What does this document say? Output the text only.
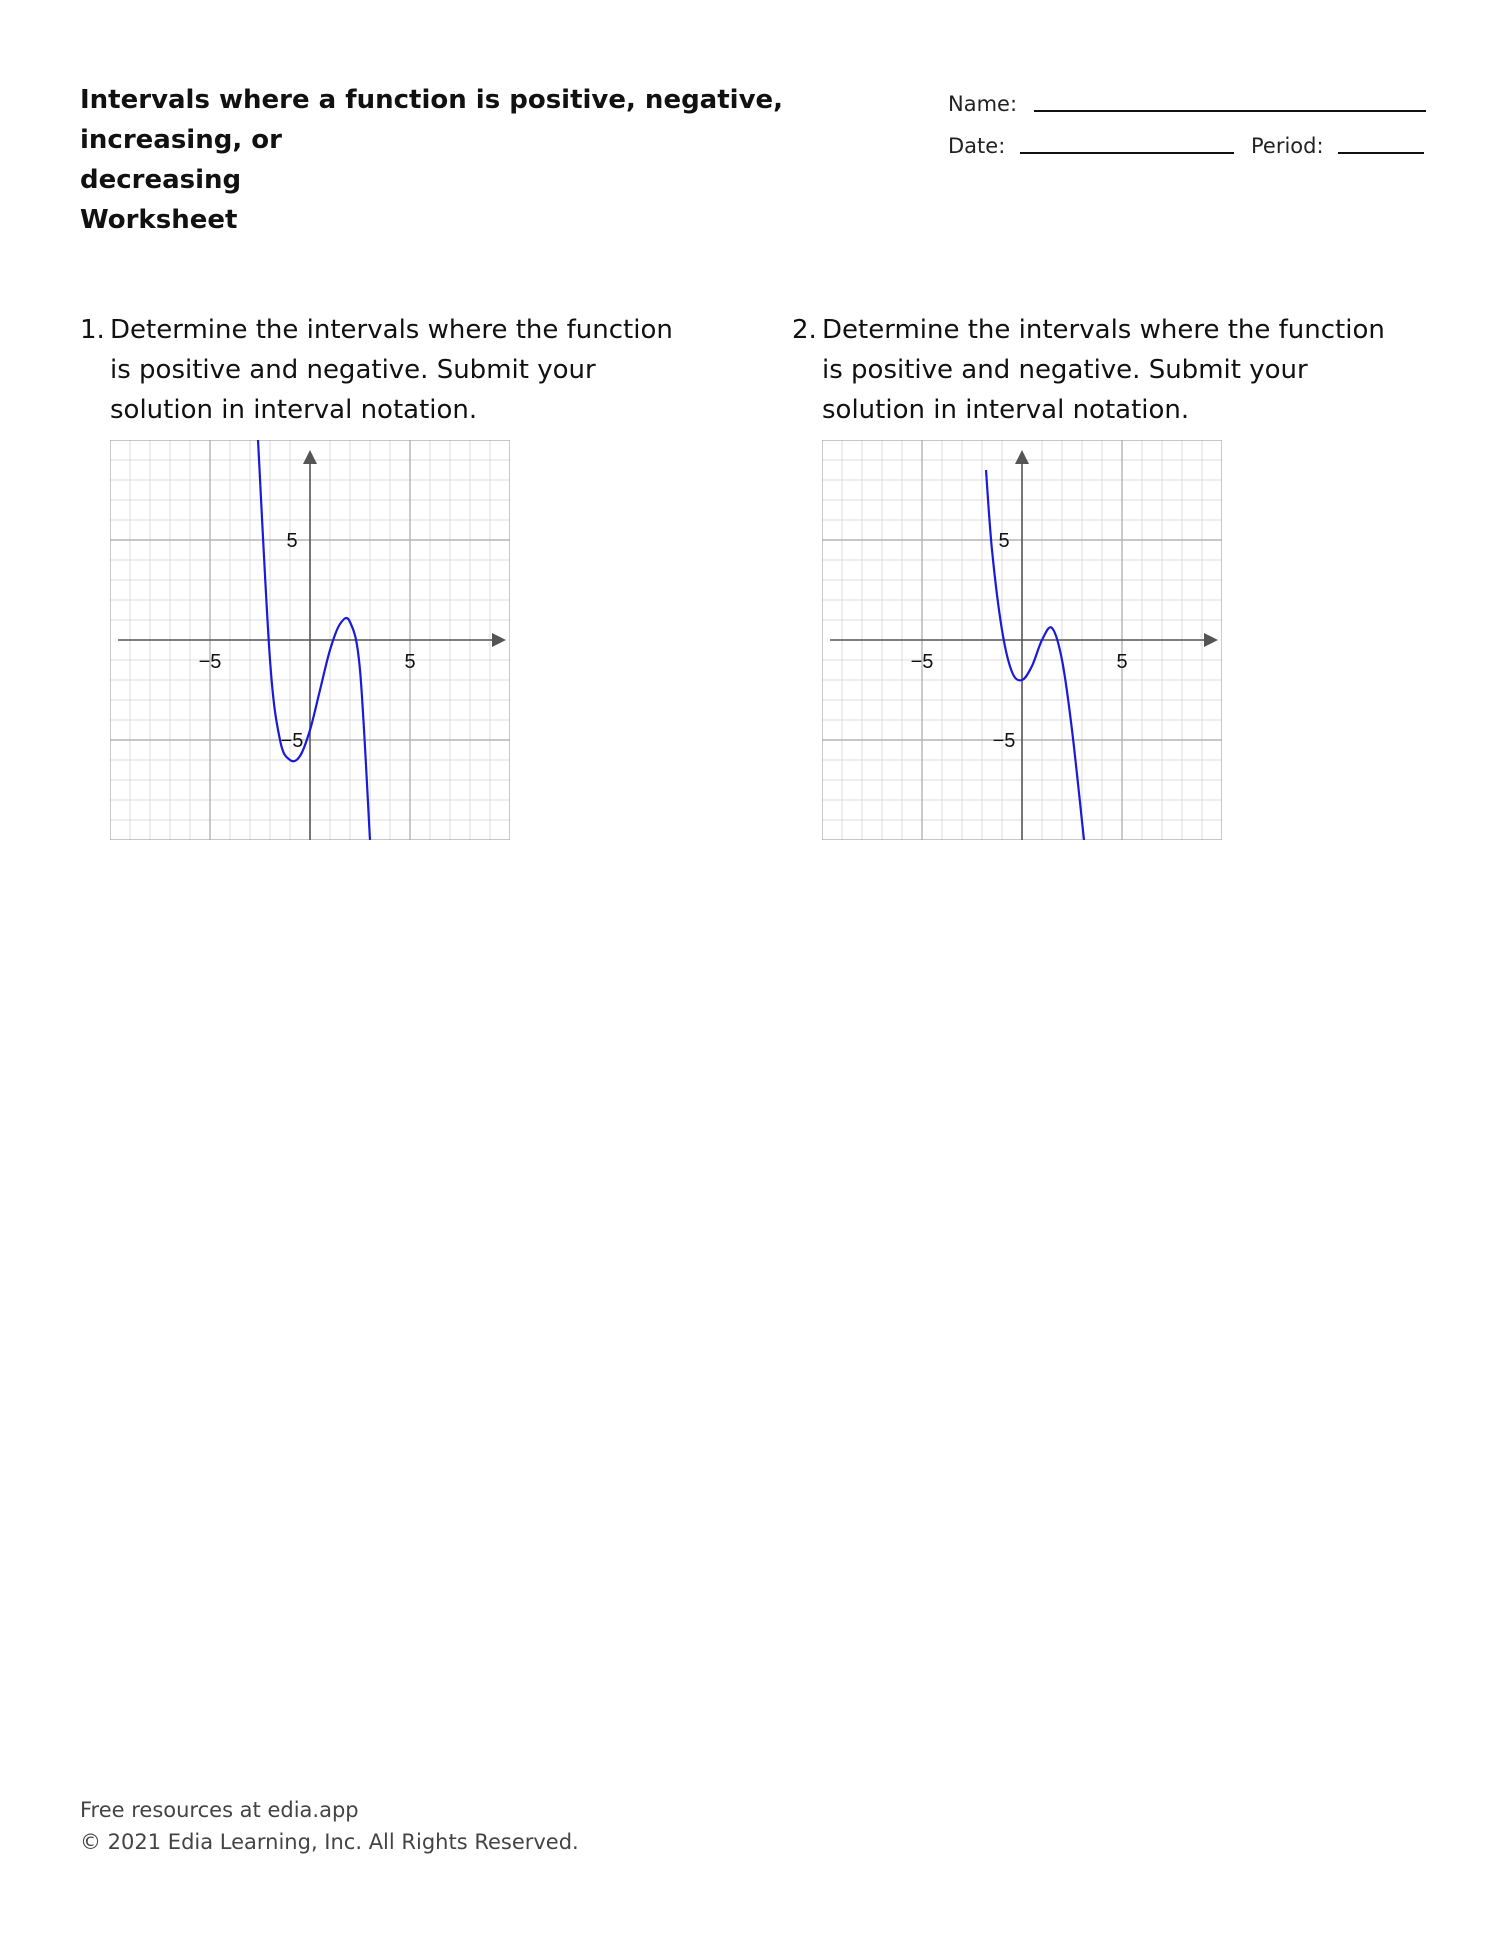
Intervals where a function is positive, negative, increasing, or
decreasing
Worksheet
Name:
Date:	Period:
1. Determine the intervals where the function is positive and negative. Submit your solution in interval notation.
−5	5
5
−5
2. Determine the intervals where the function is positive and negative. Submit your solution in interval notation.
−5	5
5
−5
Free resources at edia.app
© 2021 Edia Learning, Inc. All Rights Reserved.
